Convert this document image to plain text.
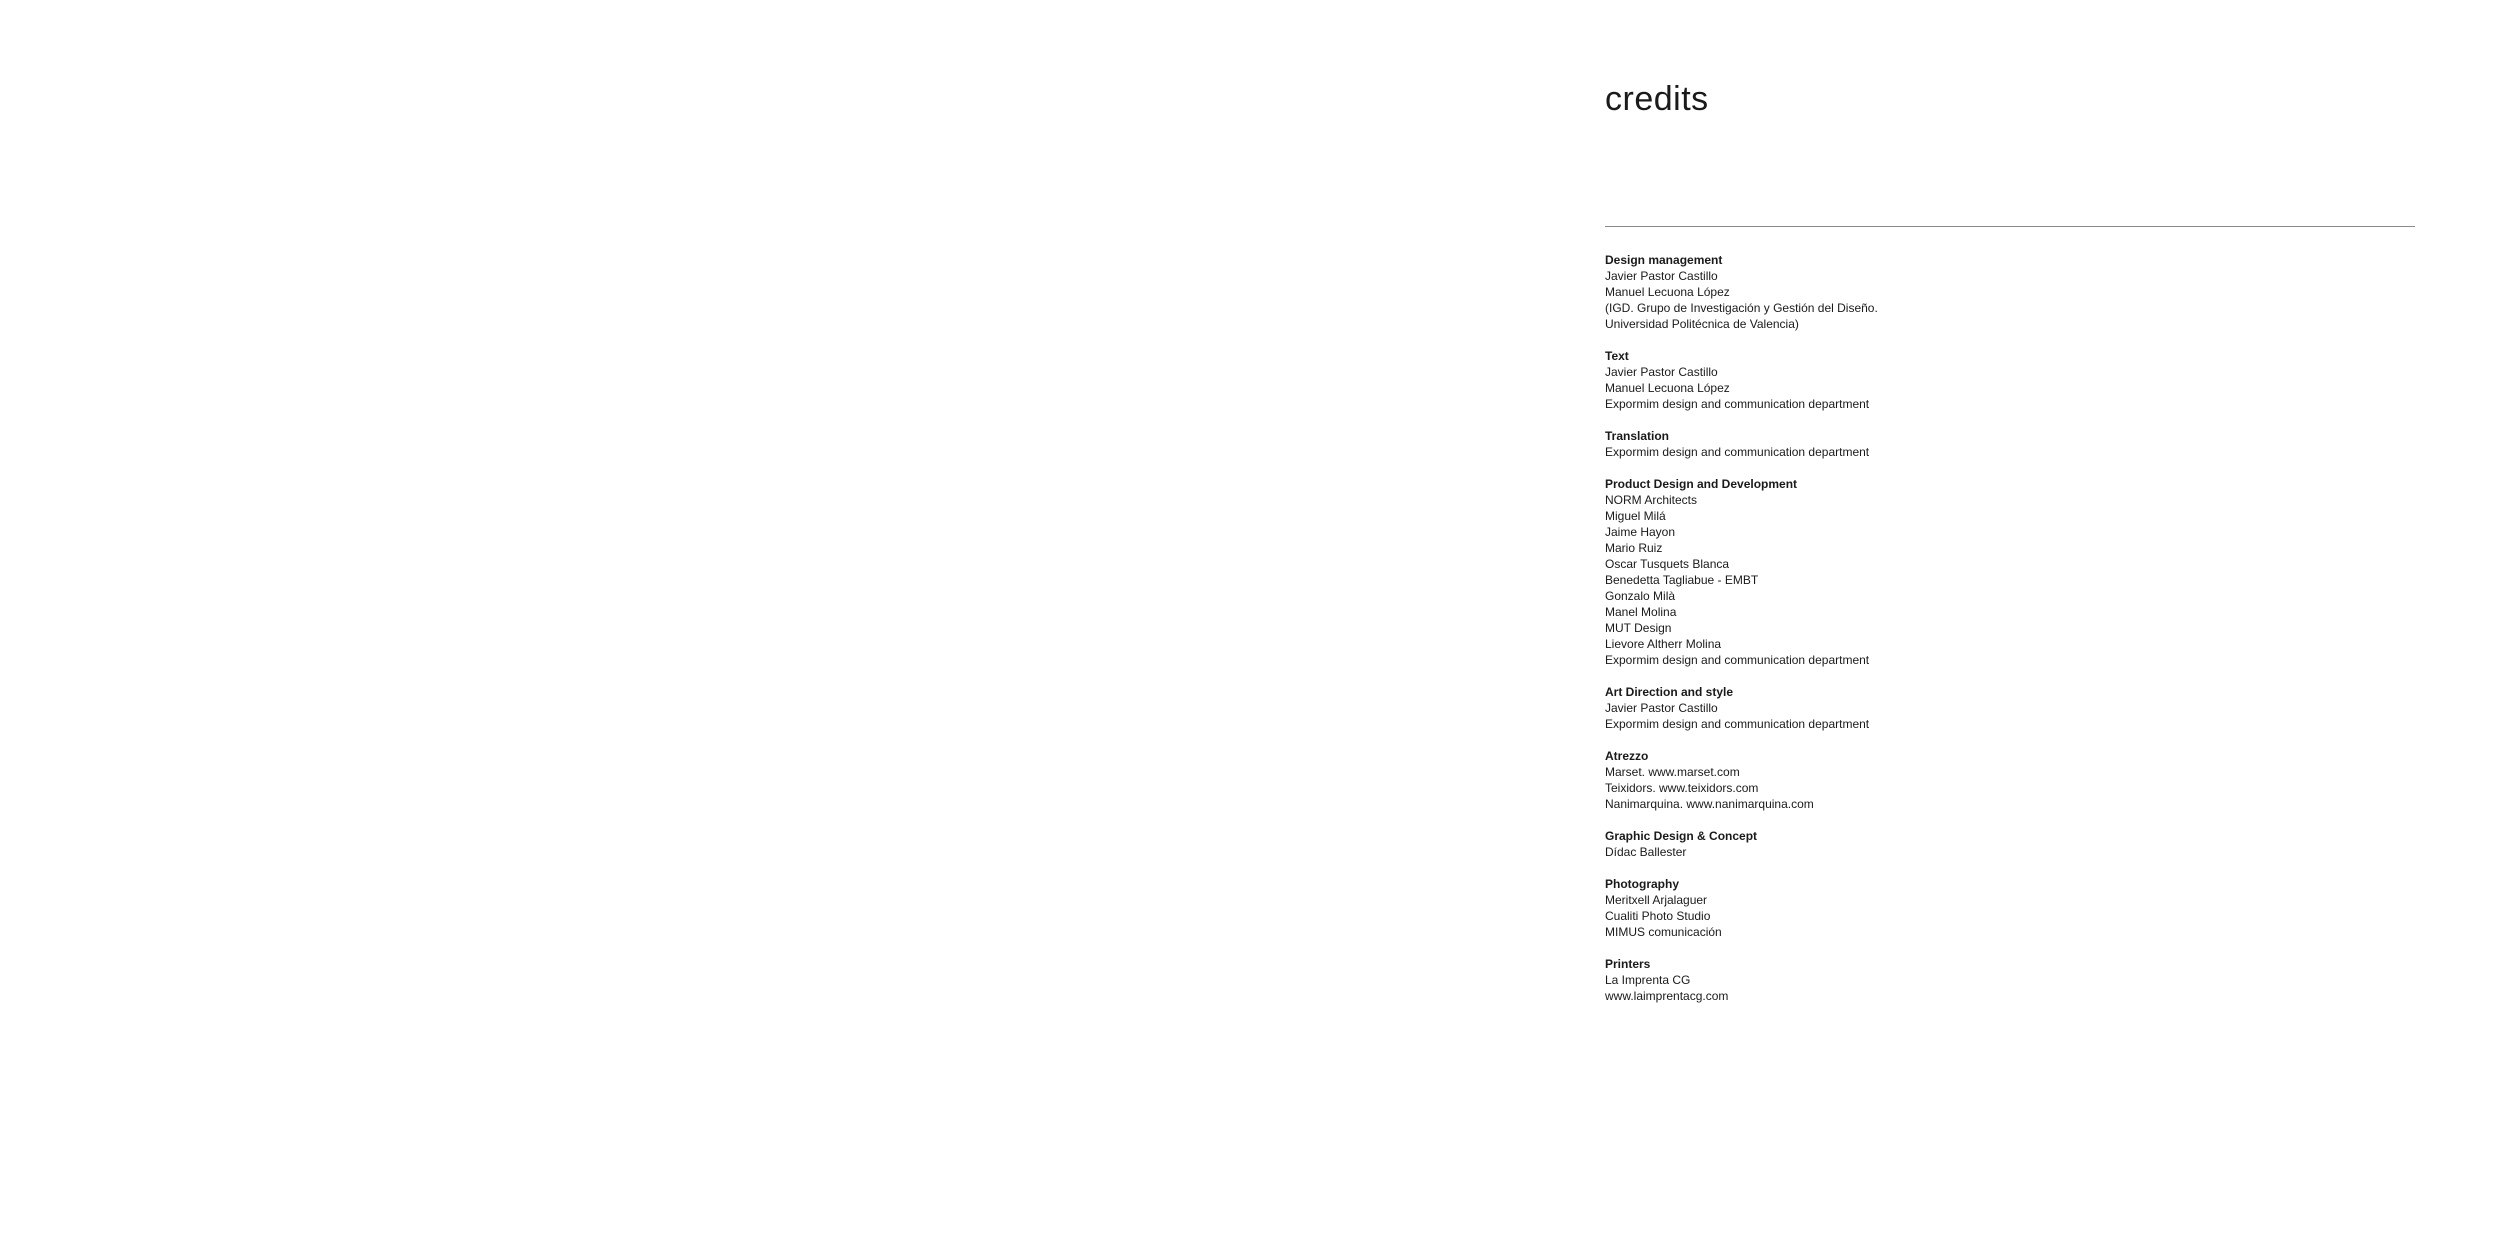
credits
Design management
Javier Pastor Castillo
Manuel Lecuona López
(IGD. Grupo de Investigación y Gestión del Diseño.
Universidad Politécnica de Valencia)
Text
Javier Pastor Castillo
Manuel Lecuona López
Expormim design and communication department
Translation
Expormim design and communication department
Product Design and Development
NORM Architects
Miguel Milá
Jaime Hayon
Mario Ruiz
Oscar Tusquets Blanca
Benedetta Tagliabue - EMBT
Gonzalo Milà
Manel Molina
MUT Design
Lievore Altherr Molina
Expormim design and communication department
Art Direction and style
Javier Pastor Castillo
Expormim design and communication department
Atrezzo
Marset. www.marset.com
Teixidors. www.teixidors.com
Nanimarquina. www.nanimarquina.com
Graphic Design & Concept
Dídac Ballester
Photography
Meritxell Arjalaguer
Cualiti Photo Studio
MIMUS comunicación
Printers
La Imprenta CG
www.laimprentacg.com
